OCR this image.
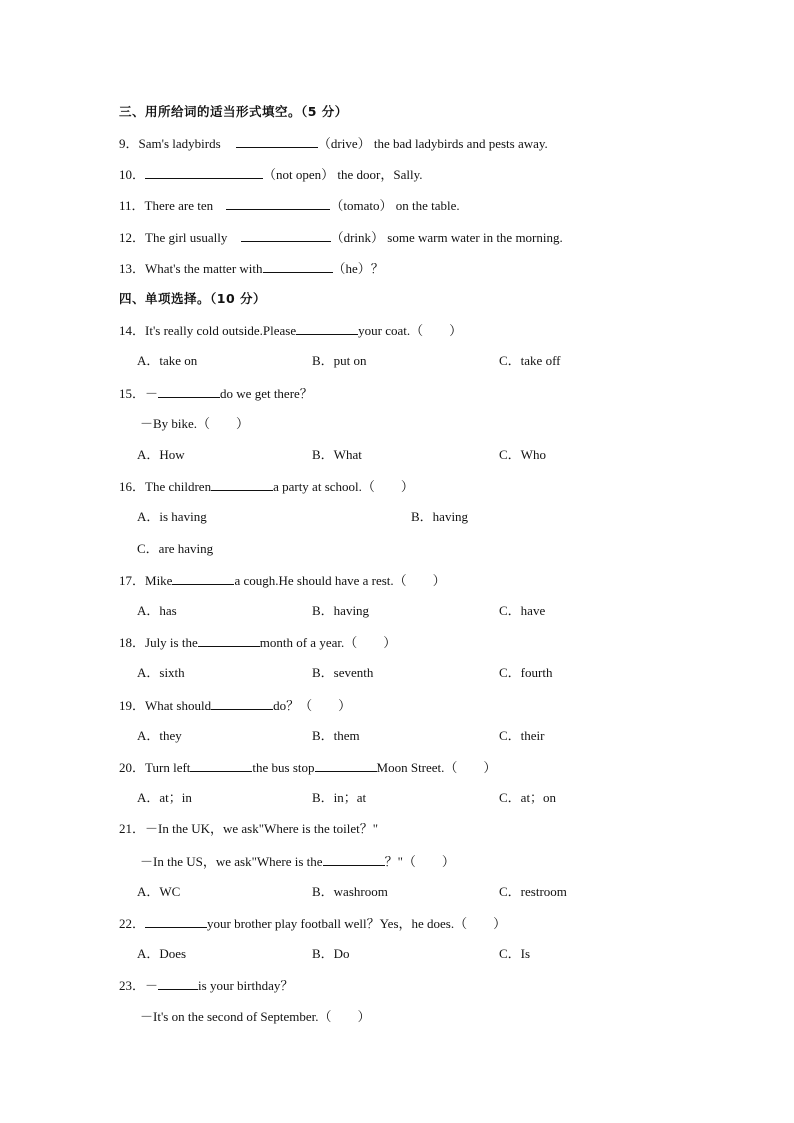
三、用所给词的适当形式填空。（5 分）
9．Sam's ladybirds	（drive） the bad ladybirds and pests away.
10．	（not open） the door，Sally.
11．There are ten	（tomato） on the table.
12．The girl usually	（drink） some warm water in the morning.
13．What's the matter with	（he）？
四、单项选择。（10 分）
14．It's really cold outside.Please	your coat.（　　）
A．take on	B．put on	C．take off
15．－	do we get there？
－By bike.（　　）
A．How	B．What	C．Who
16．The children	a party at school.（　　）
A．is having	B．having
C．are having
17．Mike	a cough.He should have a rest.（　　）
A．has	B．having	C．have
18．July is the	month of a year.（　　）
A．sixth	B．seventh	C．fourth
19．What should	do？（　　）
A．they	B．them	C．their
20．Turn left	the bus stop	Moon Street.（　　）
A．at；in	B．in；at	C．at；on
21．－In the UK，we ask"Where is the toilet？"
－In the US，we ask"Where is the	？"（　　）
A．WC	B．washroom	C．restroom
22．	your brother play football well？Yes，he does.（　　）
A．Does	B．Do	C．Is
23．－	is your birthday？
－It's on the second of September.（　　）
